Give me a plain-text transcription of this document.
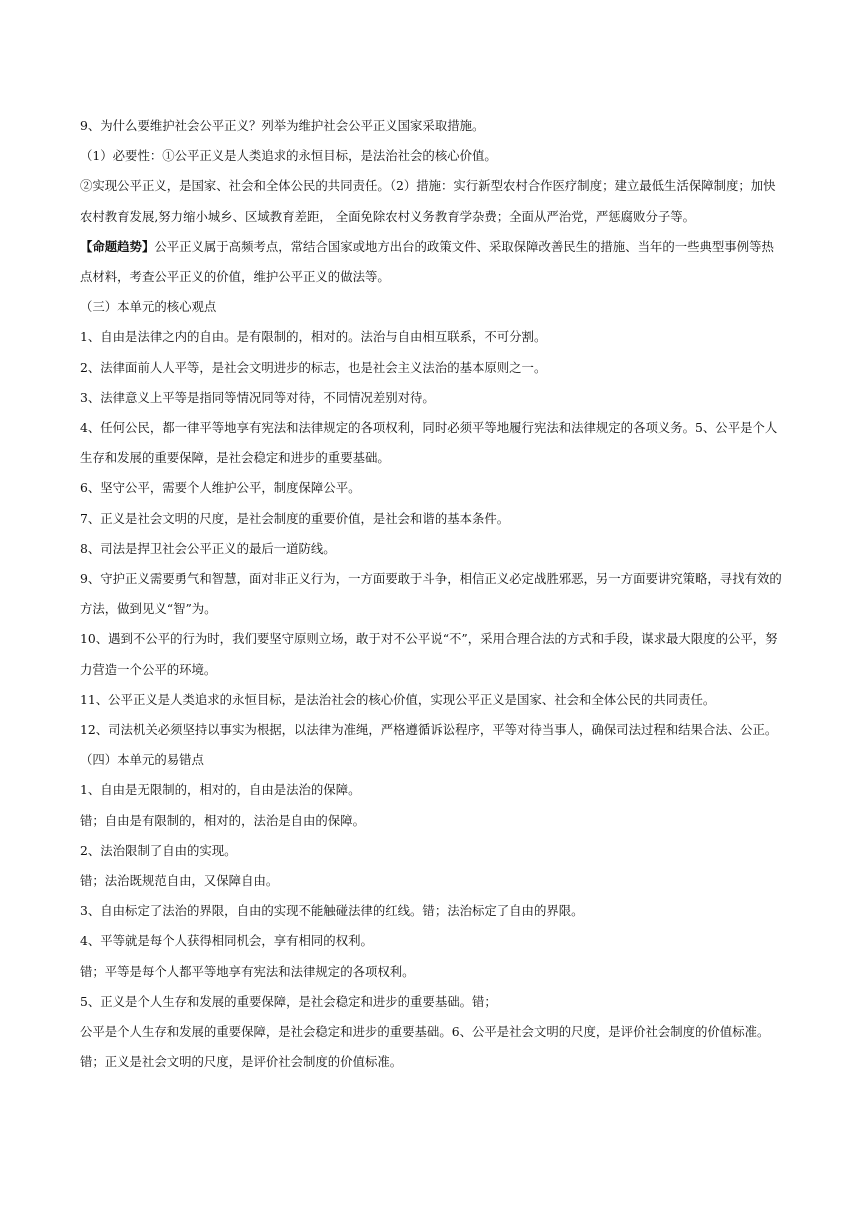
9、为什么要维护社会公平正义？列举为维护社会公平正义国家采取措施。

（1）必要性：①公平正义是人类追求的永恒目标，是法治社会的核心价值。

②实现公平正义，是国家、社会和全体公民的共同责任。（2）措施：实行新型农村合作医疗制度；建立最低生活保障制度；加快农村教育发展,努力缩小城乡、区域教育差距， 全面免除农村义务教育学杂费；全面从严治党，严惩腐败分子等。

【命题趋势】公平正义属于高频考点，常结合国家或地方出台的政策文件、采取保障改善民生的措施、当年的一些典型事例等热点材料，考查公平正义的价值，维护公平正义的做法等。

（三）本单元的核心观点

1、自由是法律之内的自由。是有限制的，相对的。法治与自由相互联系，不可分割。

2、法律面前人人平等，是社会文明进步的标志，也是社会主义法治的基本原则之一。

3、法律意义上平等是指同等情况同等对待，不同情况差别对待。

4、任何公民，都一律平等地享有宪法和法律规定的各项权利，同时必须平等地履行宪法和法律规定的各项义务。5、公平是个人生存和发展的重要保障，是社会稳定和进步的重要基础。

6、坚守公平，需要个人维护公平，制度保障公平。

7、正义是社会文明的尺度，是社会制度的重要价值，是社会和谐的基本条件。

8、司法是捍卫社会公平正义的最后一道防线。

9、守护正义需要勇气和智慧，面对非正义行为，一方面要敢于斗争，相信正义必定战胜邪恶，另一方面要讲究策略，寻找有效的方法，做到见义“智”为。

10、遇到不公平的行为时，我们要坚守原则立场，敢于对不公平说“不”，采用合理合法的方式和手段，谋求最大限度的公平，努力营造一个公平的环境。

11、公平正义是人类追求的永恒目标，是法治社会的核心价值，实现公平正义是国家、社会和全体公民的共同责任。

12、司法机关必须坚持以事实为根据，以法律为准绳，严格遵循诉讼程序，平等对待当事人，确保司法过程和结果合法、公正。

（四）本单元的易错点

1、自由是无限制的，相对的，自由是法治的保障。

错；自由是有限制的，相对的，法治是自由的保障。

2、法治限制了自由的实现。

错；法治既规范自由，又保障自由。

3、自由标定了法治的界限，自由的实现不能触碰法律的红线。错；法治标定了自由的界限。

4、平等就是每个人获得相同机会，享有相同的权利。

错；平等是每个人都平等地享有宪法和法律规定的各项权利。

5、正义是个人生存和发展的重要保障，是社会稳定和进步的重要基础。错；

公平是个人生存和发展的重要保障，是社会稳定和进步的重要基础。6、公平是社会文明的尺度，是评价社会制度的价值标准。

错；正义是社会文明的尺度，是评价社会制度的价值标准。
